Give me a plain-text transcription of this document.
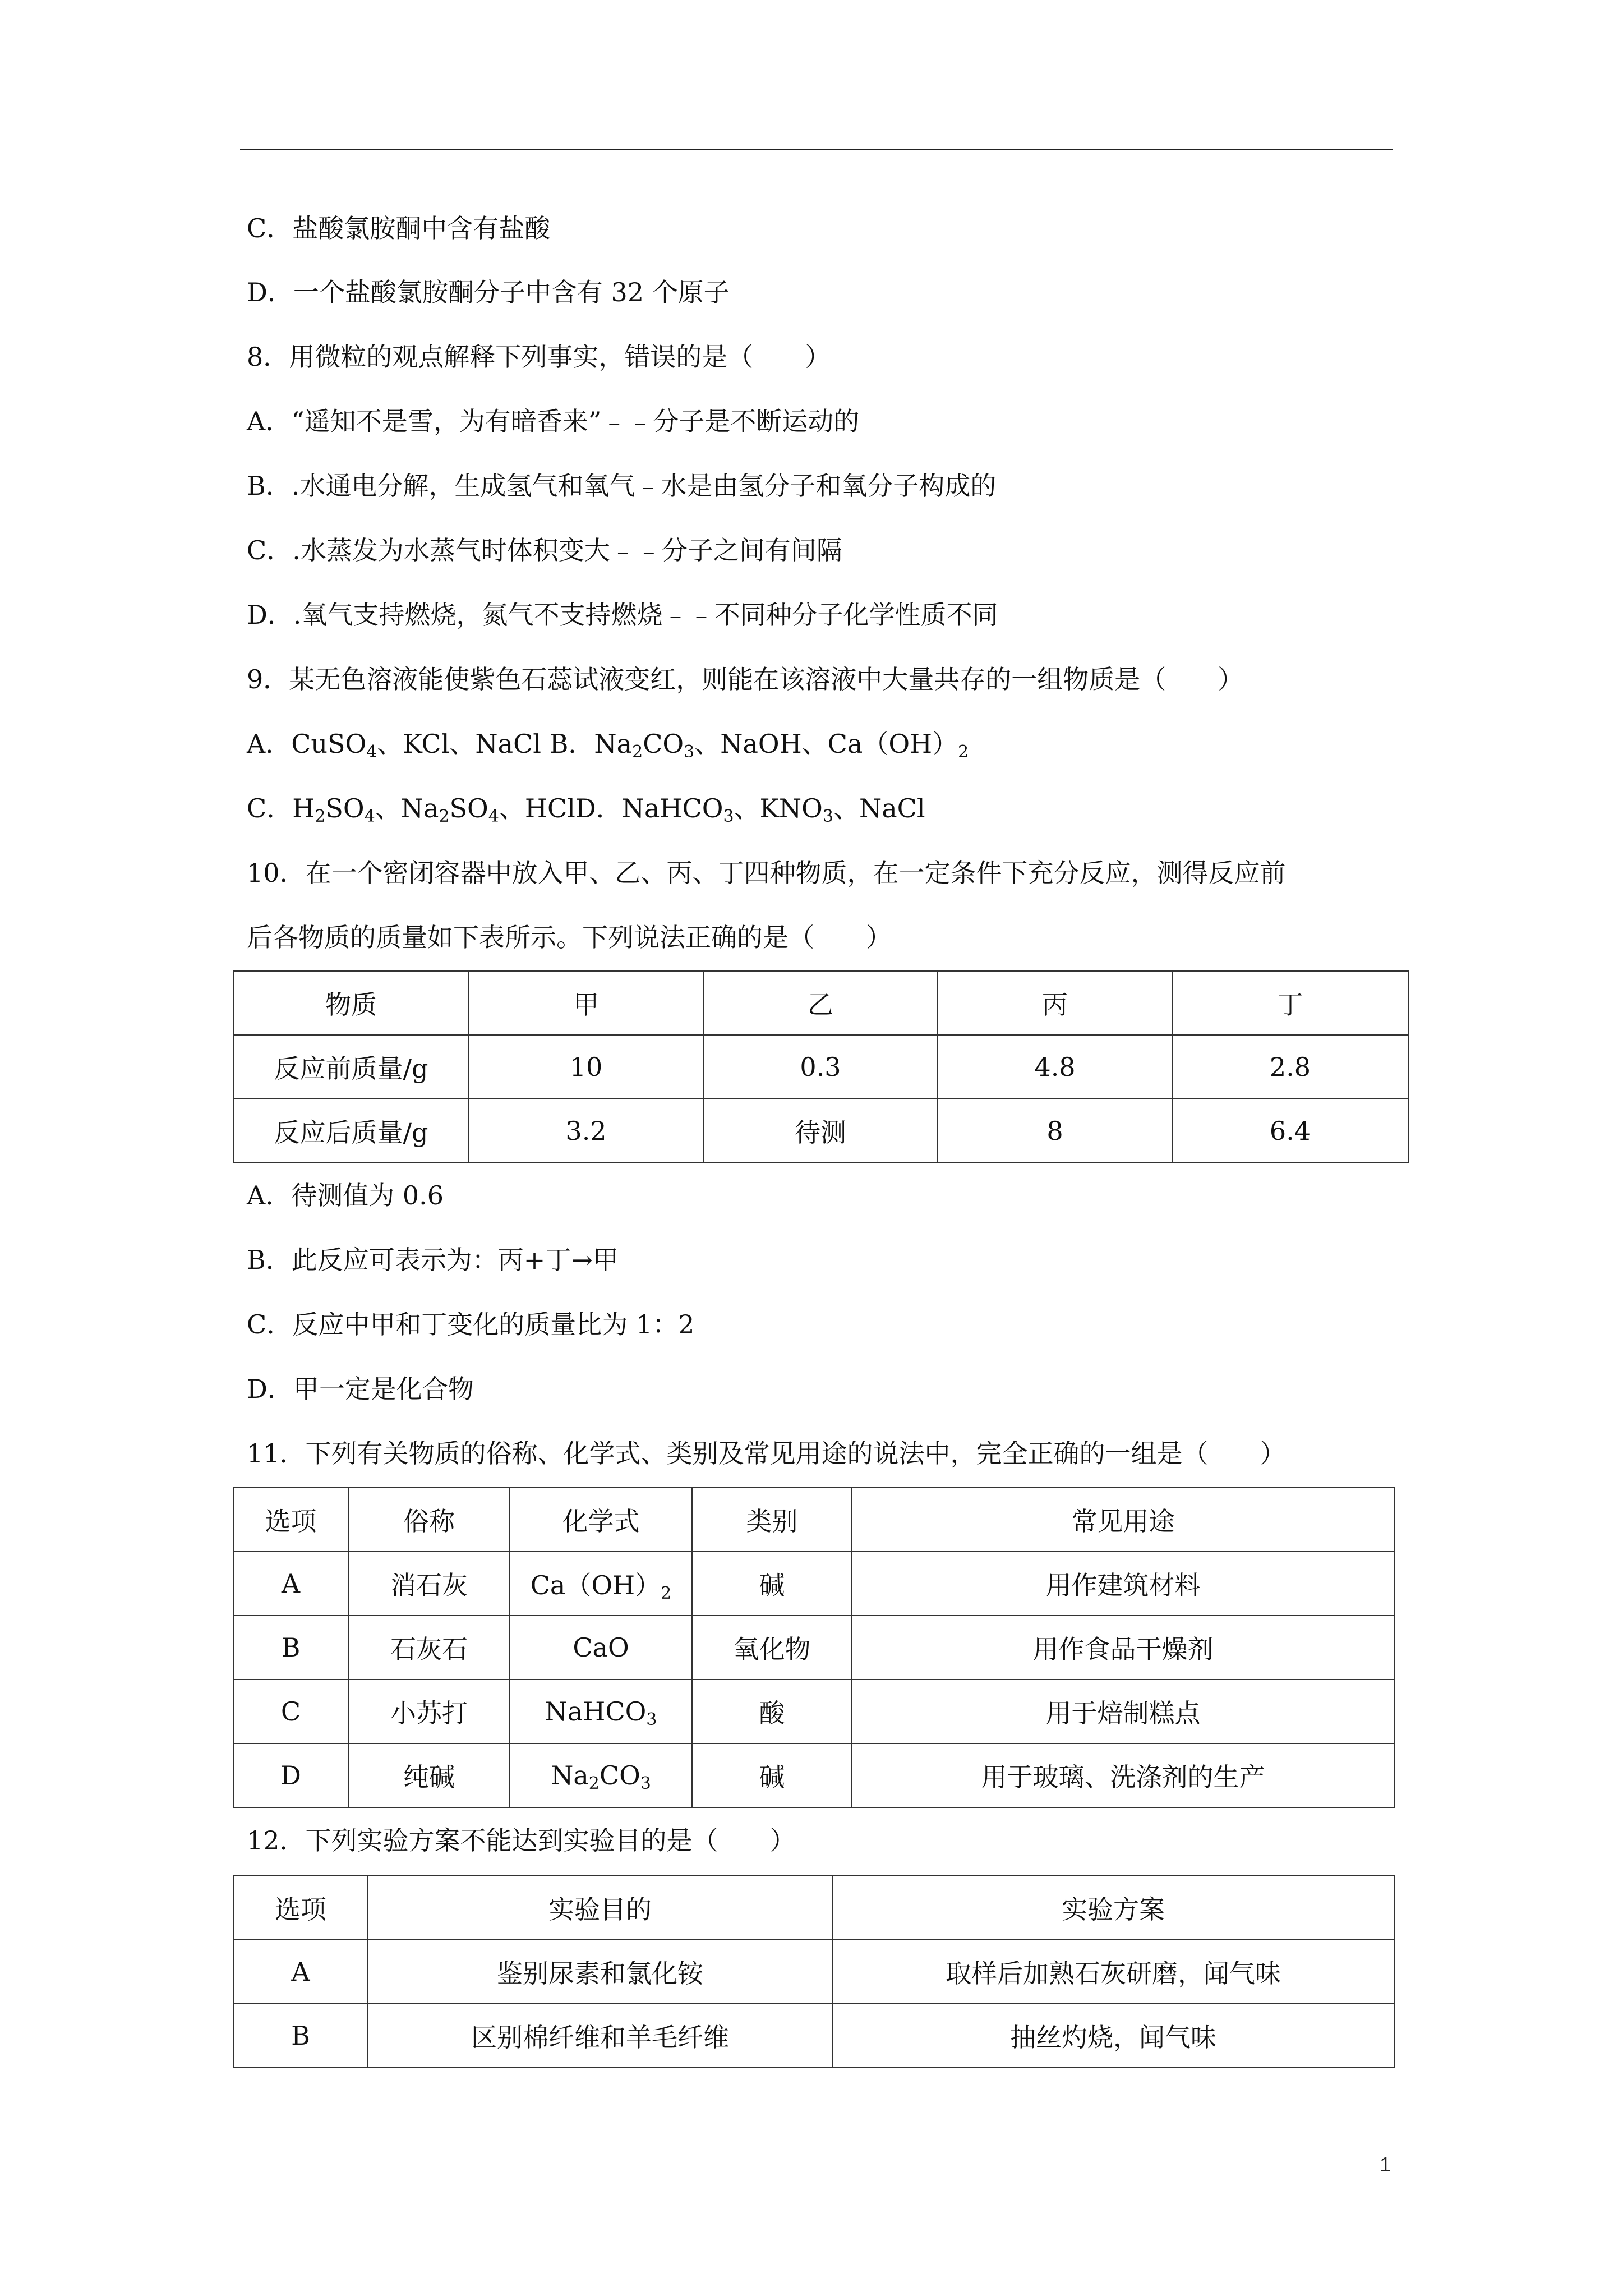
C．盐酸氯胺酮中含有盐酸
D．一个盐酸氯胺酮分子中含有 32 个原子
8．用微粒的观点解释下列事实，错误的是（　　）
A．“遥知不是雪，为有暗香来”﹣﹣分子是不断运动的
B．.水通电分解，生成氢气和氧气﹣水是由氢分子和氧分子构成的
C．.水蒸发为水蒸气时体积变大﹣﹣分子之间有间隔
D．.氧气支持燃烧，氮气不支持燃烧﹣﹣不同种分子化学性质不同
9．某无色溶液能使紫色石蕊试液变红，则能在该溶液中大量共存的一组物质是（　　）
A．CuSO$_4$、KCl、NaCl B．$Na_2CO_3$、NaOH、$Ca(OH)_2$
C．$H_2SO_4$、$Na_2SO_4$、HClD．NaHCO$_3$、$KNO_3$、NaCl
10．在一个密闭容器中放入甲、乙、丙、丁四种物质，在一定条件下充分反应，测得反应前
后各物质的质量如下表所示。下列说法正确的是（　　）
物质	甲	乙	丙	丁
反应前质量/g	10	0.3	4.8	2.8
反应后质量/g	3.2	待测	8	6.4
A．待测值为 0.6
B．此反应可表示为：丙+丁→甲
C．反应中甲和丁变化的质量比为 1：2
D．甲一定是化合物
11．下列有关物质的俗称、化学式、类别及常见用途的说法中，完全正确的一组是（　　）
选项	俗称	化学式	类别	常见用途
A	消石灰	$Ca(OH)_2$	碱	用作建筑材料
B	石灰石	CaO	氧化物	用作食品干燥剂
C	小苏打	NaHCO$_3$	酸	用于焙制糕点
D	纯碱	$Na_2CO_3$	碱	用于玻璃、洗涤剂的生产
12．下列实验方案不能达到实验目的是（　　）
选项	实验目的	实验方案
A	鉴别尿素和氯化铵	取样后加熟石灰研磨，闻气味
B	区别棉纤维和羊毛纤维	抽丝灼烧，闻气味
1
